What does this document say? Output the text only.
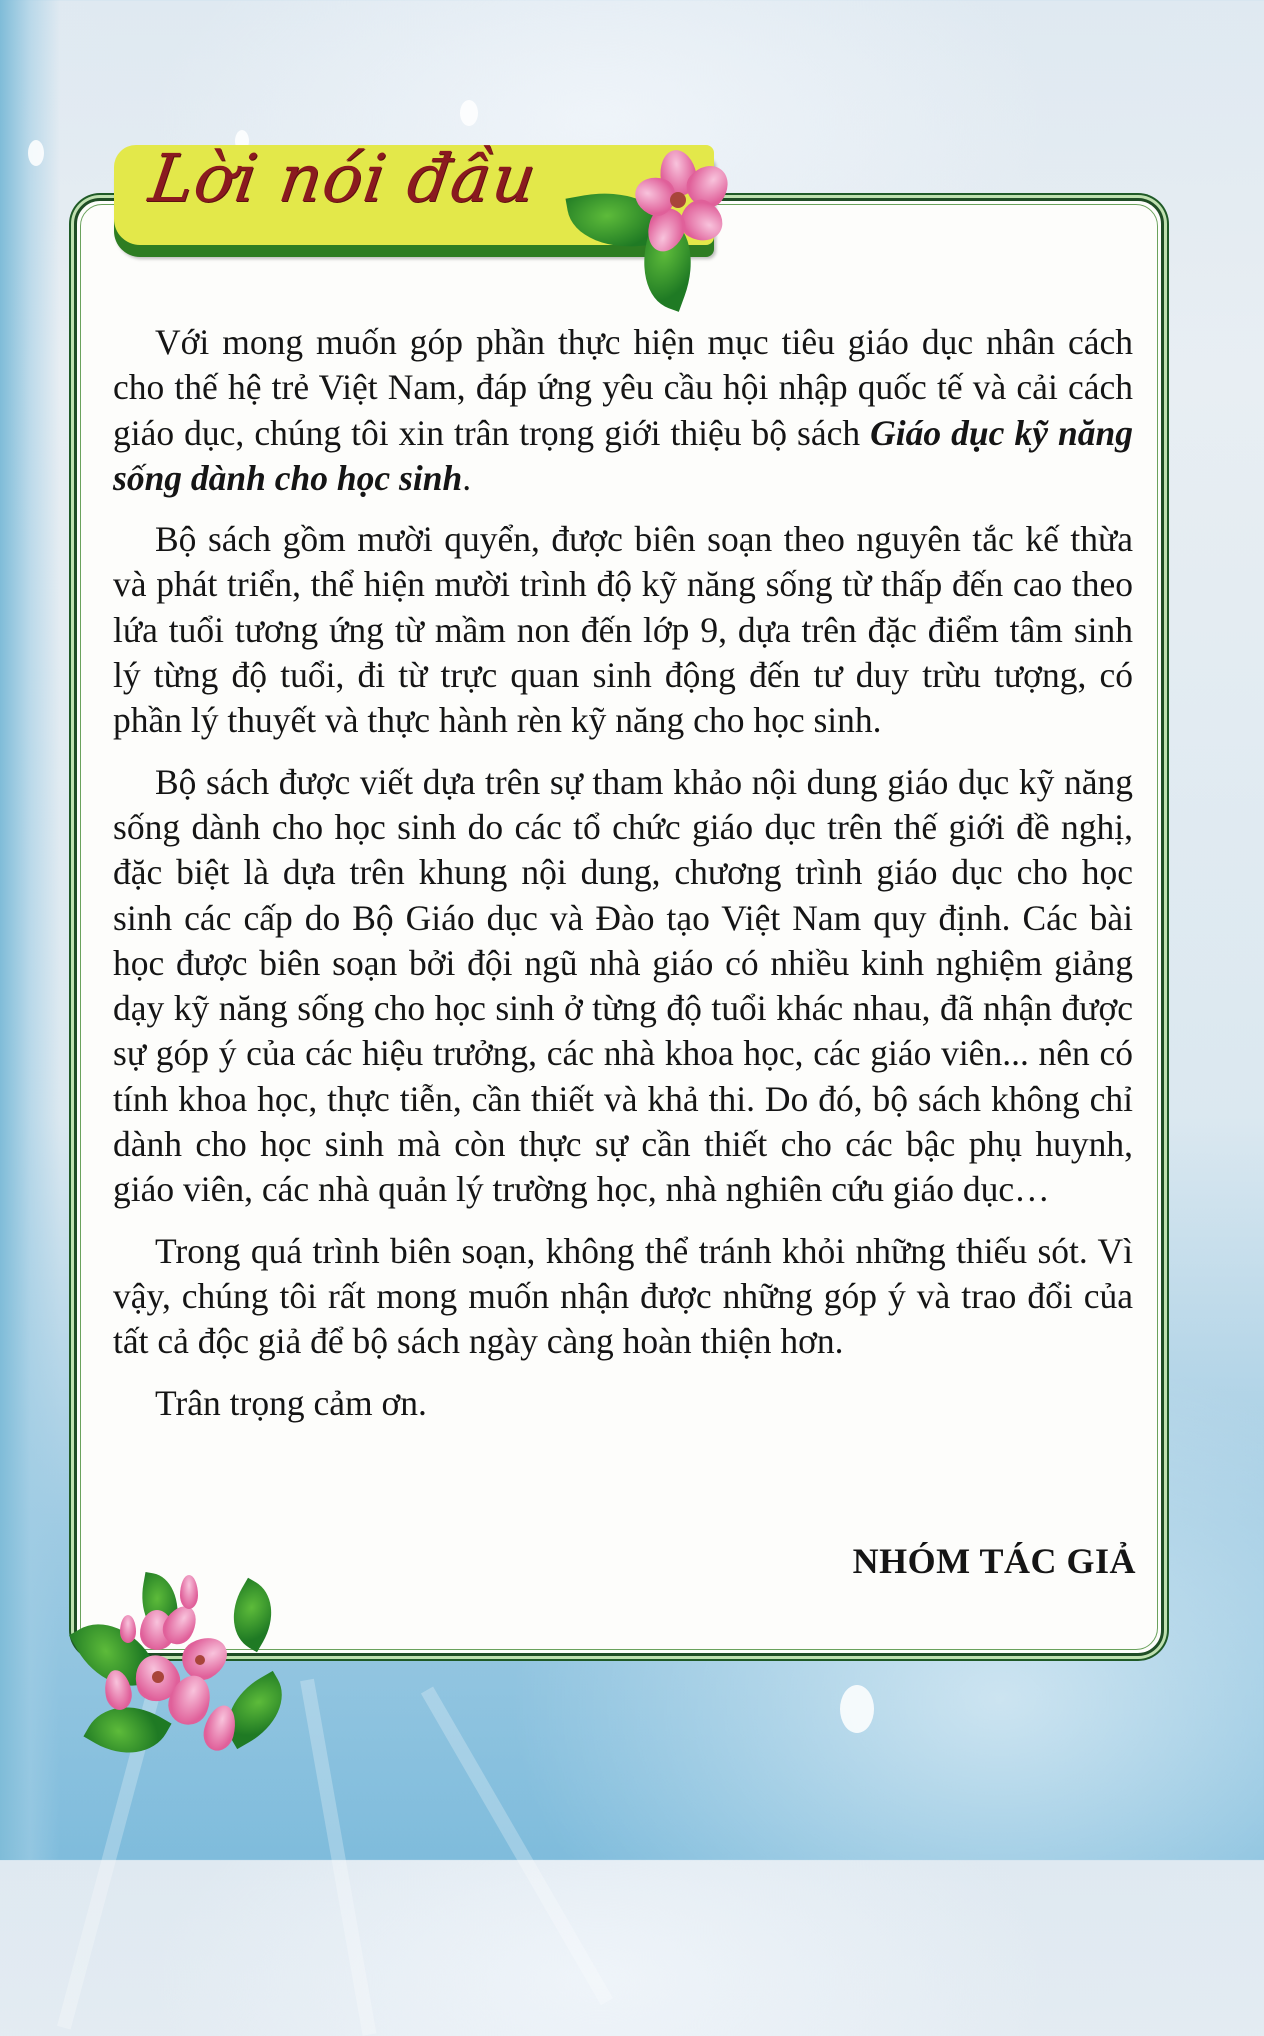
Lời nói đầu

Với mong muốn góp phần thực hiện mục tiêu giáo dục nhân cách cho thế hệ trẻ Việt Nam, đáp ứng yêu cầu hội nhập quốc tế và cải cách giáo dục, chúng tôi xin trân trọng giới thiệu bộ sách Giáo dục kỹ năng sống dành cho học sinh.

Bộ sách gồm mười quyển, được biên soạn theo nguyên tắc kế thừa và phát triển, thể hiện mười trình độ kỹ năng sống từ thấp đến cao theo lứa tuổi tương ứng từ mầm non đến lớp 9, dựa trên đặc điểm tâm sinh lý từng độ tuổi, đi từ trực quan sinh động đến tư duy trừu tượng, có phần lý thuyết và thực hành rèn kỹ năng cho học sinh.

Bộ sách được viết dựa trên sự tham khảo nội dung giáo dục kỹ năng sống dành cho học sinh do các tổ chức giáo dục trên thế giới đề nghị, đặc biệt là dựa trên khung nội dung, chương trình giáo dục cho học sinh các cấp do Bộ Giáo dục và Đào tạo Việt Nam quy định. Các bài học được biên soạn bởi đội ngũ nhà giáo có nhiều kinh nghiệm giảng dạy kỹ năng sống cho học sinh ở từng độ tuổi khác nhau, đã nhận được sự góp ý của các hiệu trưởng, các nhà khoa học, các giáo viên... nên có tính khoa học, thực tiễn, cần thiết và khả thi. Do đó, bộ sách không chỉ dành cho học sinh mà còn thực sự cần thiết cho các bậc phụ huynh, giáo viên, các nhà quản lý trường học, nhà nghiên cứu giáo dục…

Trong quá trình biên soạn, không thể tránh khỏi những thiếu sót. Vì vậy, chúng tôi rất mong muốn nhận được những góp ý và trao đổi của tất cả độc giả để bộ sách ngày càng hoàn thiện hơn.

Trân trọng cảm ơn.

NHÓM TÁC GIẢ
